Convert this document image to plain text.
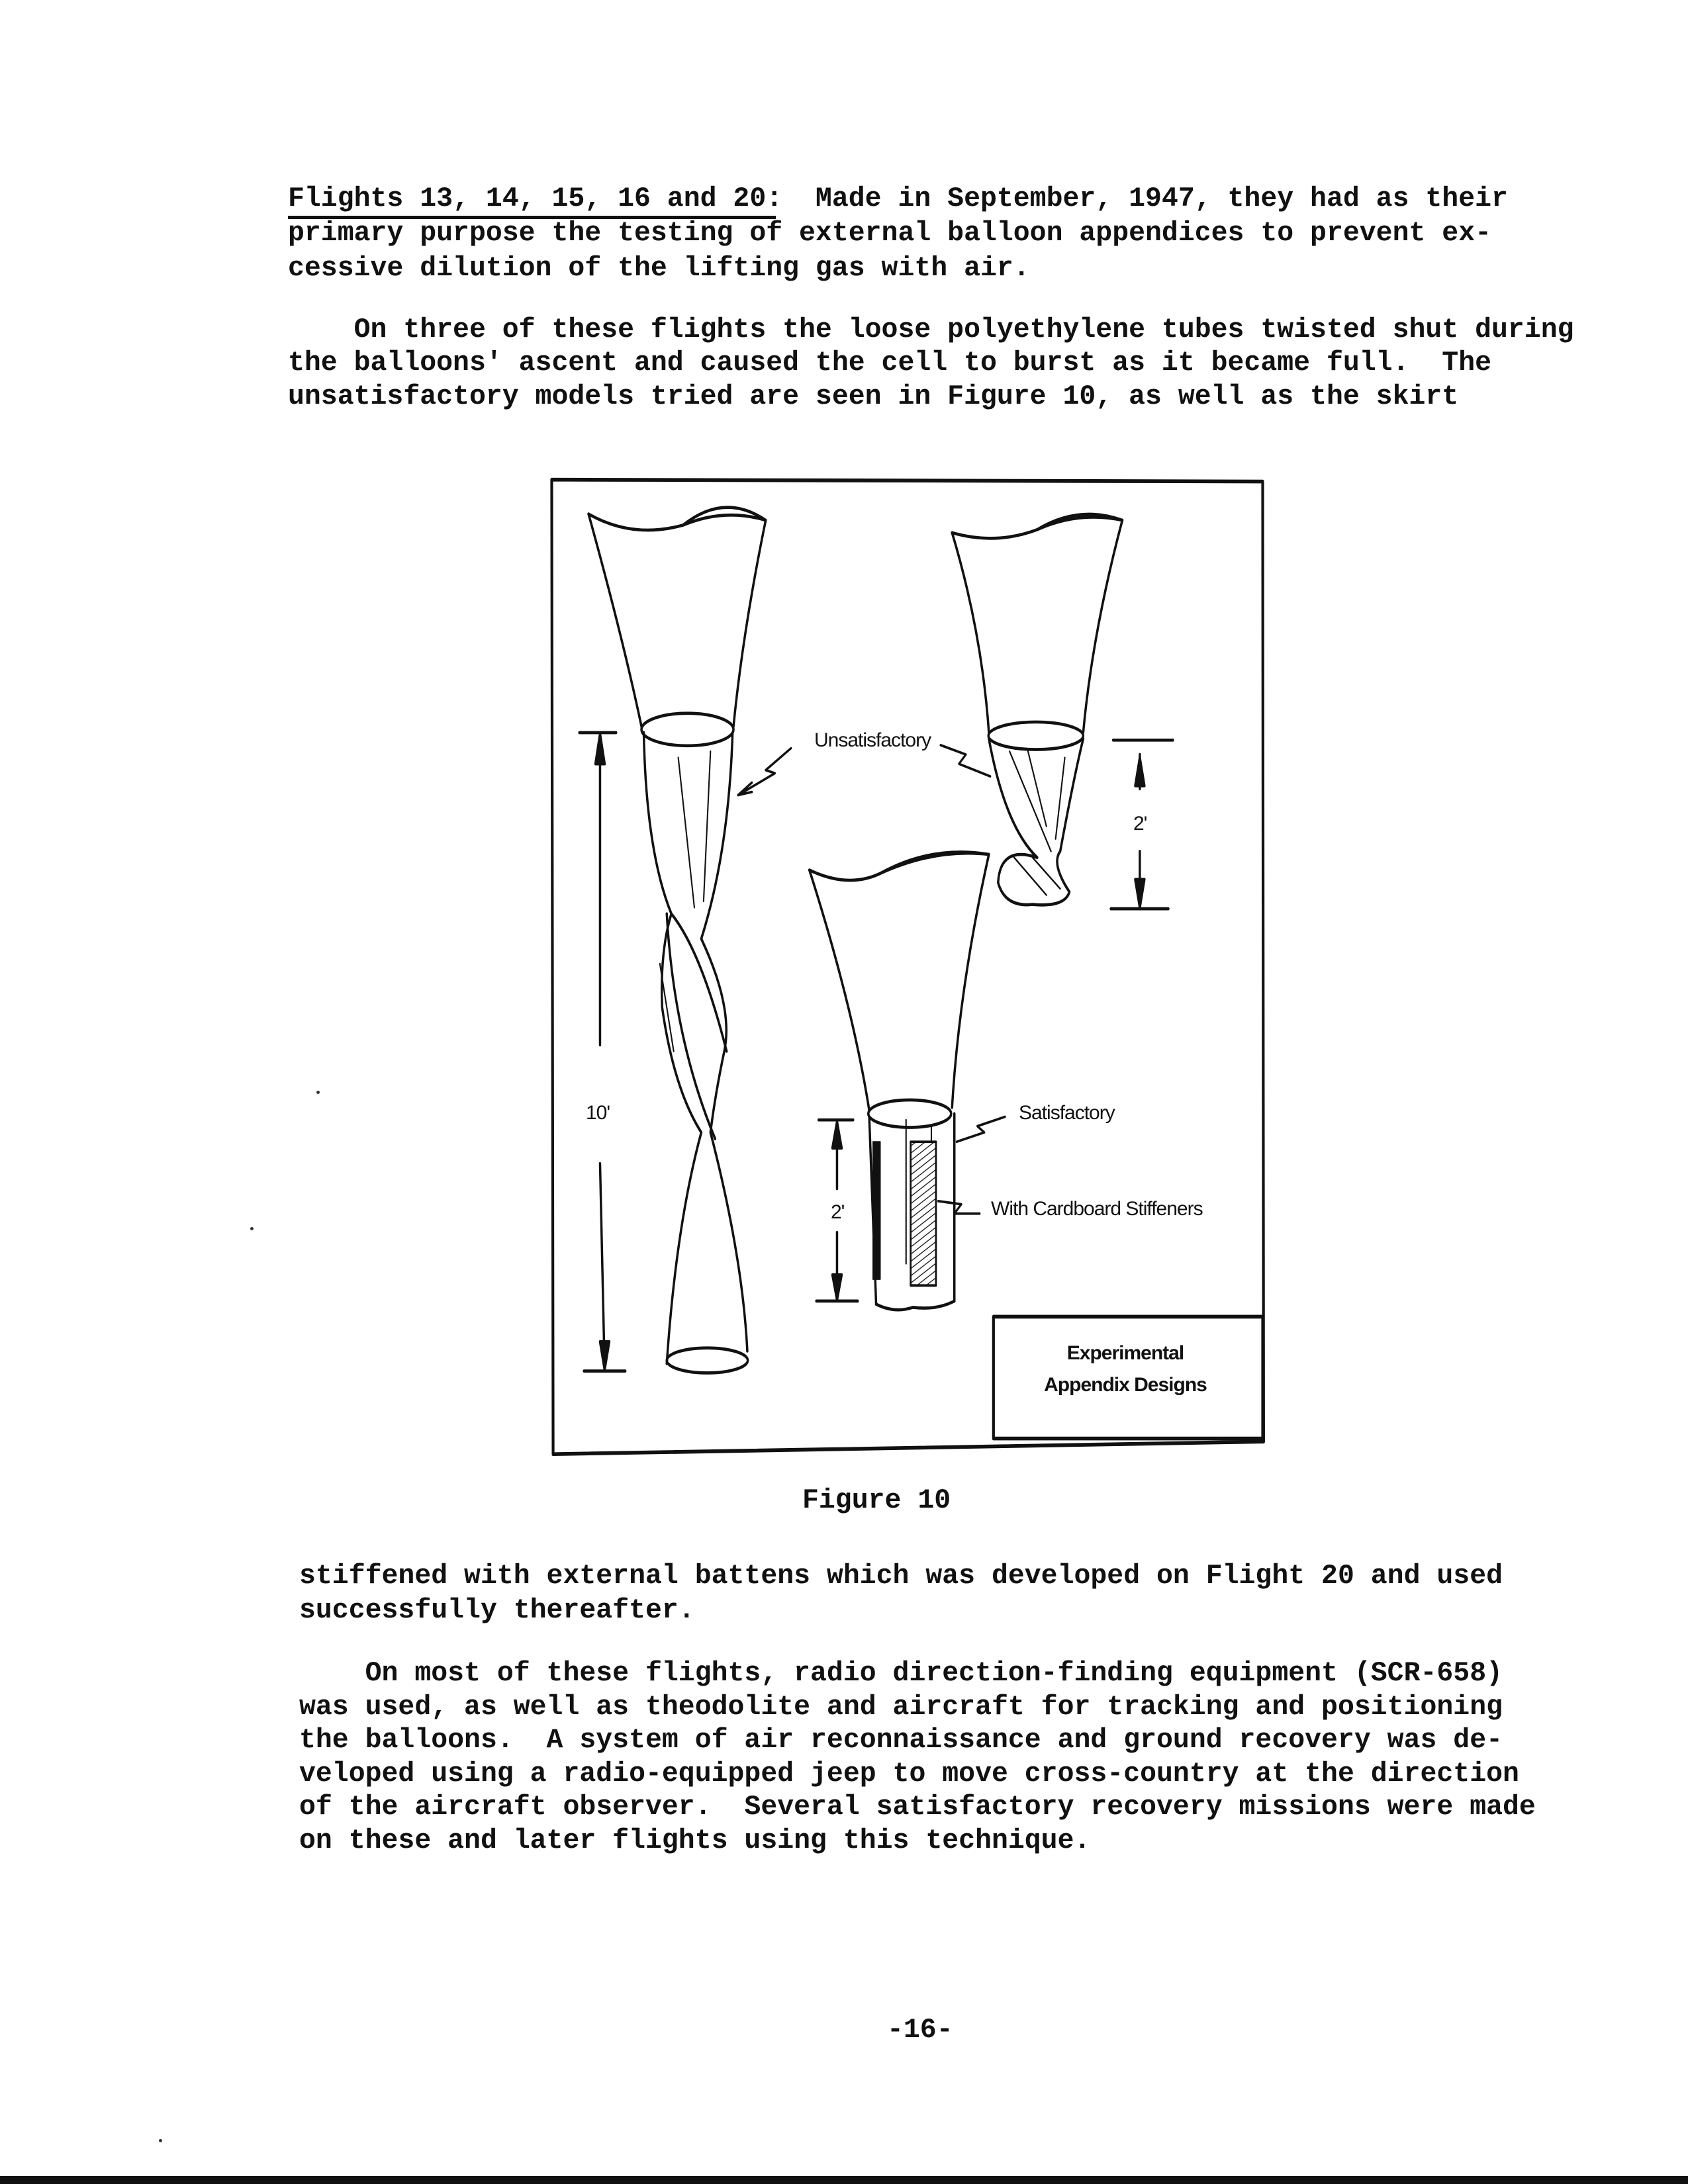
Flights 13, 14, 15, 16 and 20:  Made in September, 1947, they had as their
primary purpose the testing of external balloon appendices to prevent ex-
cessive dilution of the lifting gas with air.
On three of these flights the loose polyethylene tubes twisted shut during
the balloons' ascent and caused the cell to burst as it became full.  The
unsatisfactory models tried are seen in Figure 10, as well as the skirt
Unsatisfactory
10'
2'
2'
Satisfactory
With Cardboard Stiffeners
Experimental
Appendix Designs
Figure 10
stiffened with external battens which was developed on Flight 20 and used
successfully thereafter.
On most of these flights, radio direction-finding equipment (SCR-658)
was used, as well as theodolite and aircraft for tracking and positioning
the balloons.  A system of air reconnaissance and ground recovery was de-
veloped using a radio-equipped jeep to move cross-country at the direction
of the aircraft observer.  Several satisfactory recovery missions were made
on these and later flights using this technique.
-16-
